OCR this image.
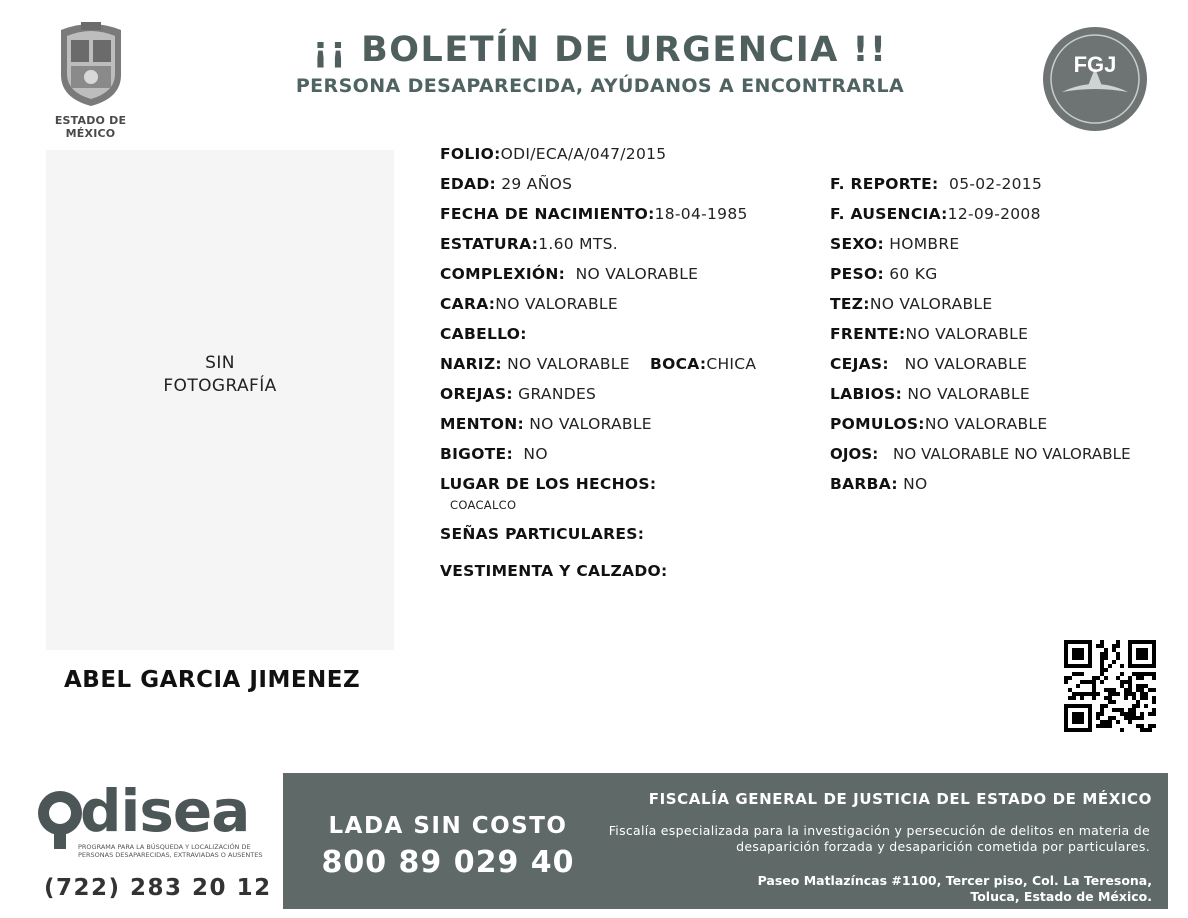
ESTADO DE MÉXICO
¡¡ BOLETÍN DE URGENCIA !!
PERSONA DESAPARECIDA, AYÚDANOS A ENCONTRARLA
FGJ
SIN
FOTOGRAFÍA
ABEL GARCIA JIMENEZ
FOLIO:ODI/ECA/A/047/2015
EDAD: 29 AÑOS
FECHA DE NACIMIENTO:18-04-1985
ESTATURA:1.60 MTS.
COMPLEXIÓN: NO VALORABLE
CARA:NO VALORABLE
CABELLO:
NARIZ: NO VALORABLE BOCA:CHICA
OREJAS: GRANDES
MENTON: NO VALORABLE
BIGOTE: NO
LUGAR DE LOS HECHOS:
COACALCO
SEÑAS PARTICULARES:
VESTIMENTA Y CALZADO:
F. REPORTE: 05-02-2015
F. AUSENCIA:12-09-2008
SEXO: HOMBRE
PESO: 60 KG
TEZ:NO VALORABLE
FRENTE:NO VALORABLE
CEJAS: NO VALORABLE
LABIOS: NO VALORABLE
POMULOS:NO VALORABLE
OJOS: NO VALORABLE NO VALORABLE
BARBA: NO
disea
PROGRAMA PARA LA BÚSQUEDA Y LOCALIZACIÓN DE PERSONAS DESAPARECIDAS, EXTRAVIADAS O AUSENTES
(722) 283 20 12
LADA SIN COSTO
800 89 029 40
FISCALÍA GENERAL DE JUSTICIA DEL ESTADO DE MÉXICO
Fiscalía especializada para la investigación y persecución de delitos en materia de desaparición forzada y desaparición cometida por particulares.
Paseo Matlazíncas #1100, Tercer piso, Col. La Teresona,
Toluca, Estado de México.
